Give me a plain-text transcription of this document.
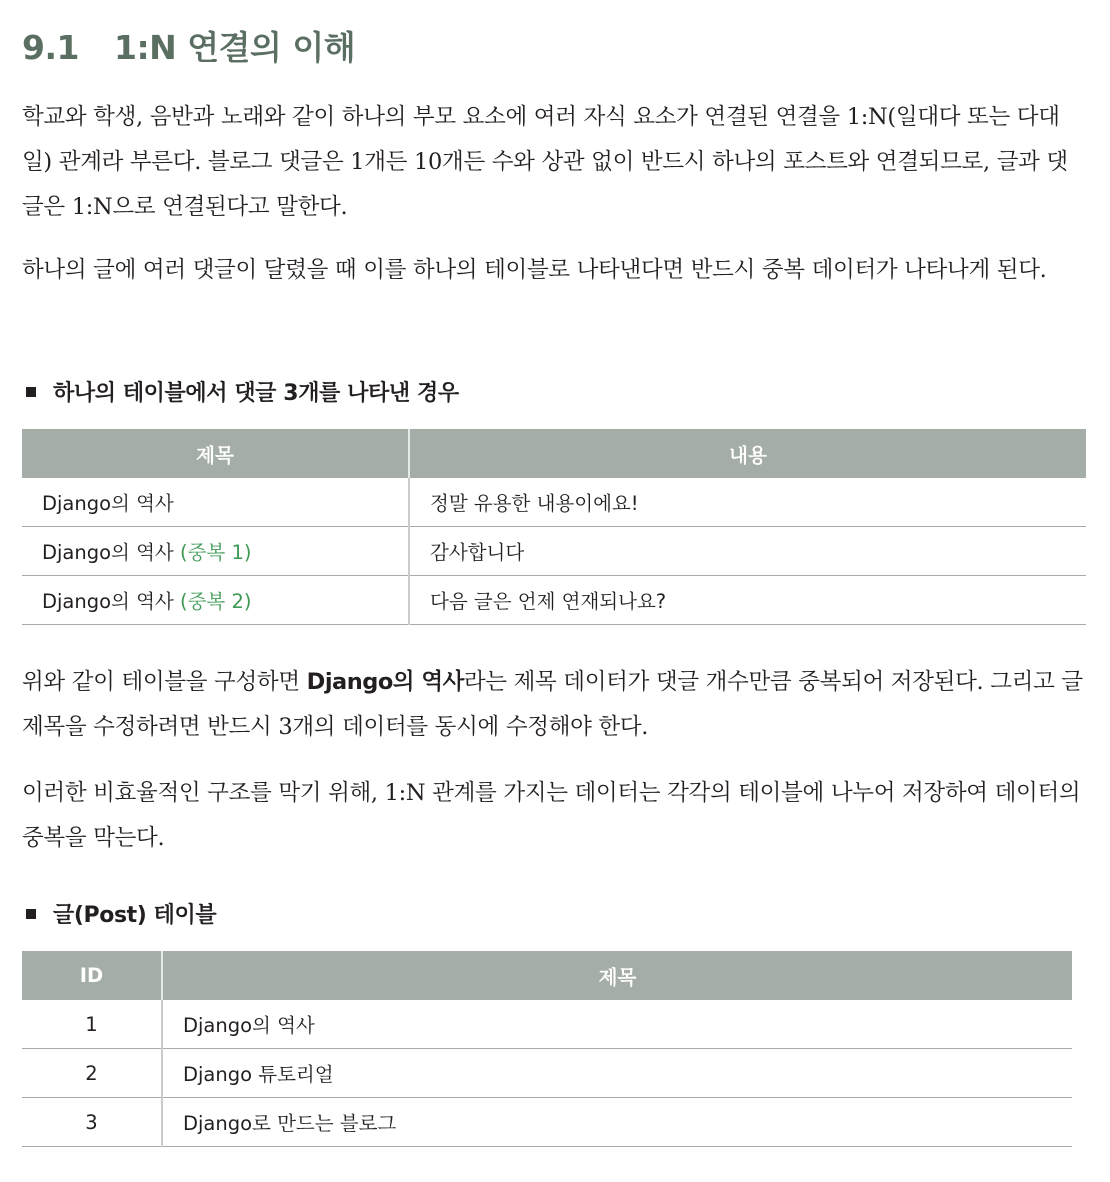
9.1 1:N 연결의 이해

학교와 학생, 음반과 노래와 같이 하나의 부모 요소에 여러 자식 요소가 연결된 연결을 1:N(일대다 또는 다대일) 관계라 부른다. 블로그 댓글은 1개든 10개든 수와 상관 없이 반드시 하나의 포스트와 연결되므로, 글과 댓글은 1:N으로 연결된다고 말한다.

하나의 글에 여러 댓글이 달렸을 때 이를 하나의 테이블로 나타낸다면 반드시 중복 데이터가 나타나게 된다.

하나의 테이블에서 댓글 3개를 나타낸 경우
제목	내용
Django의 역사	정말 유용한 내용이에요!
Django의 역사 (중복 1)	감사합니다
Django의 역사 (중복 2)	다음 글은 언제 연재되나요?

위와 같이 테이블을 구성하면 Django의 역사라는 제목 데이터가 댓글 개수만큼 중복되어 저장된다. 그리고 글 제목을 수정하려면 반드시 3개의 데이터를 동시에 수정해야 한다.

이러한 비효율적인 구조를 막기 위해, 1:N 관계를 가지는 데이터는 각각의 테이블에 나누어 저장하여 데이터의 중복을 막는다.

글(Post) 테이블
ID	제목
1	Django의 역사
2	Django 튜토리얼
3	Django로 만드는 블로그
